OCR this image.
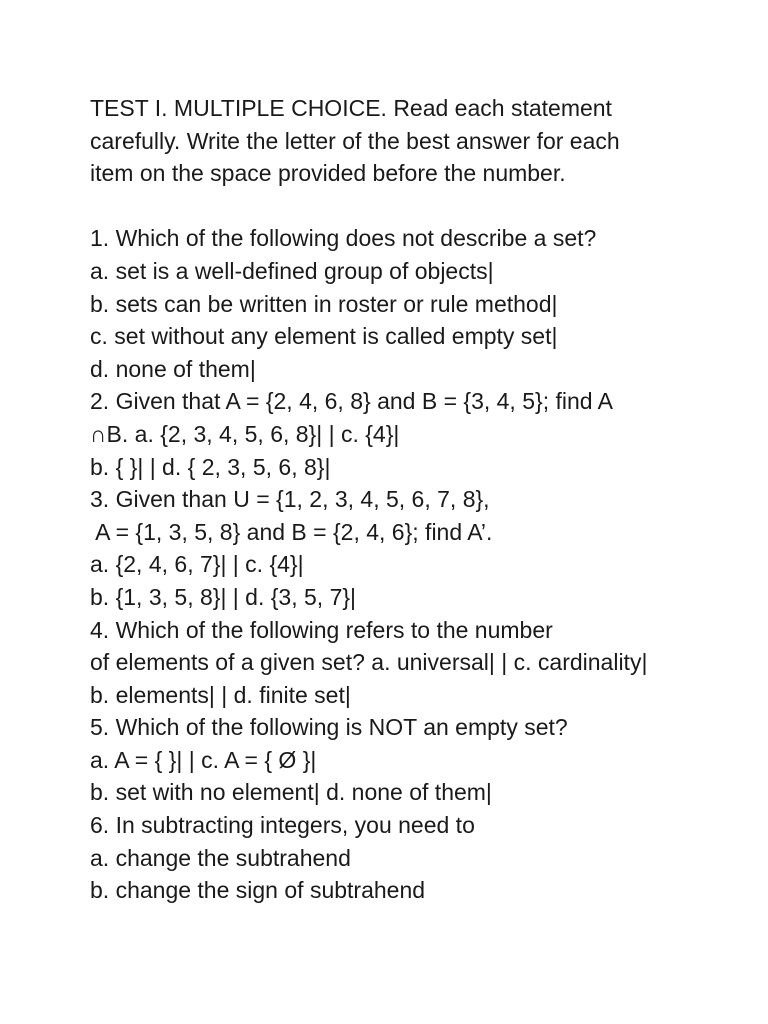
TEST I. MULTIPLE CHOICE. Read each statement
carefully. Write the letter of the best answer for each
item on the space provided before the number.
1. Which of the following does not describe a set?
a. set is a well-defined group of objects|
b. sets can be written in roster or rule method|
c. set without any element is called empty set|
d. none of them|
2. Given that A = {2, 4, 6, 8} and B = {3, 4, 5}; find A
∩B. a. {2, 3, 4, 5, 6, 8}| | c. {4}|
b. { }| | d. { 2, 3, 5, 6, 8}|
3. Given than U = {1, 2, 3, 4, 5, 6, 7, 8},
A = {1, 3, 5, 8} and B = {2, 4, 6}; find A’.
a. {2, 4, 6, 7}| | c. {4}|
b. {1, 3, 5, 8}| | d. {3, 5, 7}|
4. Which of the following refers to the number
of elements of a given set? a. universal| | c. cardinality|
b. elements| | d. finite set|
5. Which of the following is NOT an empty set?
a. A = { }| | c. A = { Ø }|
b. set with no element| d. none of them|
6. In subtracting integers, you need to
a. change the subtrahend
b. change the sign of subtrahend
